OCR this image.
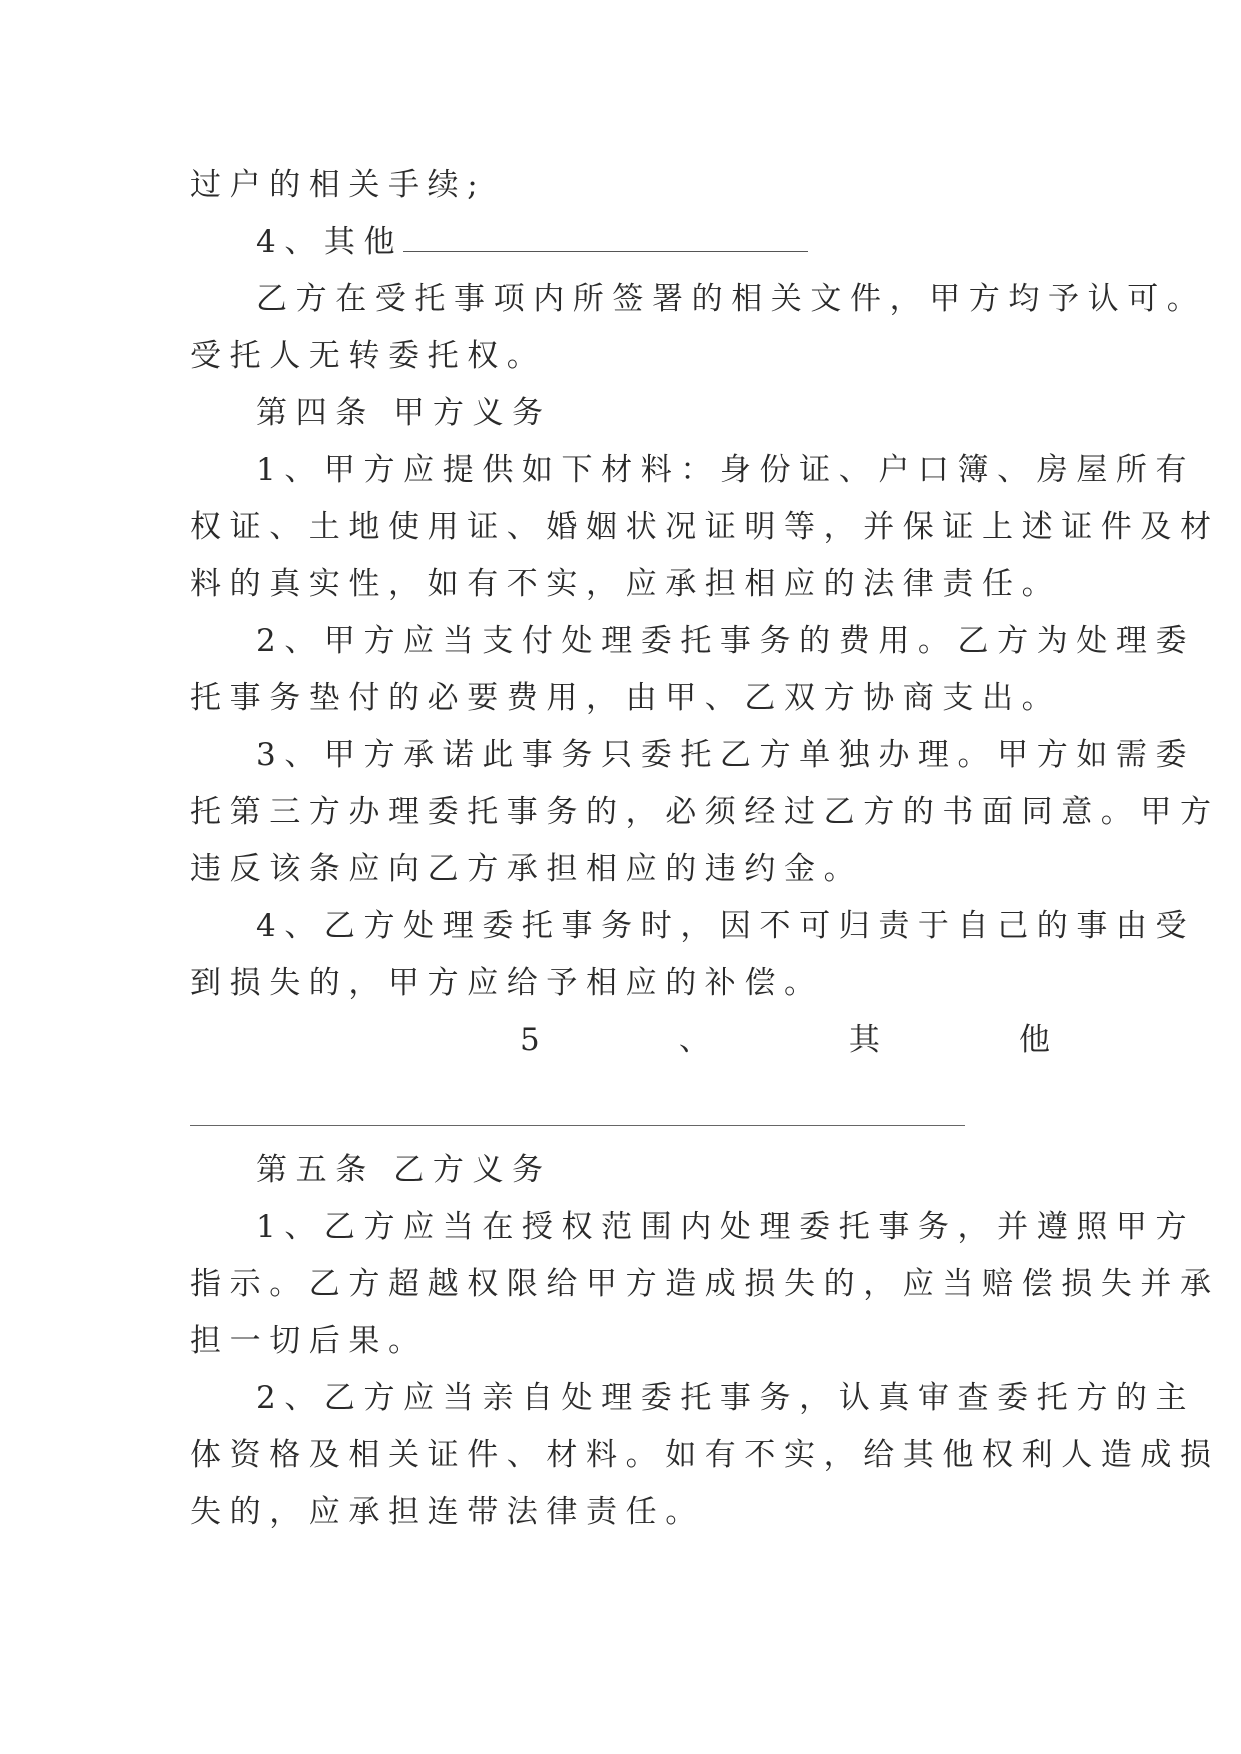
过户的相关手续;

4、其他

乙方在受托事项内所签署的相关文件，甲方均予认可。

受托人无转委托权。

第四条 甲方义务

1、甲方应提供如下材料：身份证、户口簿、房屋所有

权证、土地使用证、婚姻状况证明等，并保证上述证件及材

料的真实性，如有不实，应承担相应的法律责任。

2、甲方应当支付处理委托事务的费用。乙方为处理委

托事务垫付的必要费用，由甲、乙双方协商支出。

3、甲方承诺此事务只委托乙方单独办理。甲方如需委

托第三方办理委托事务的，必须经过乙方的书面同意。甲方

违反该条应向乙方承担相应的违约金。

4、乙方处理委托事务时，因不可归责于自己的事由受

到损失的，甲方应给予相应的补偿。

5	、	其	他

第五条 乙方义务

1、乙方应当在授权范围内处理委托事务，并遵照甲方

指示。乙方超越权限给甲方造成损失的，应当赔偿损失并承

担一切后果。

2、乙方应当亲自处理委托事务，认真审查委托方的主

体资格及相关证件、材料。如有不实，给其他权利人造成损

失的，应承担连带法律责任。
